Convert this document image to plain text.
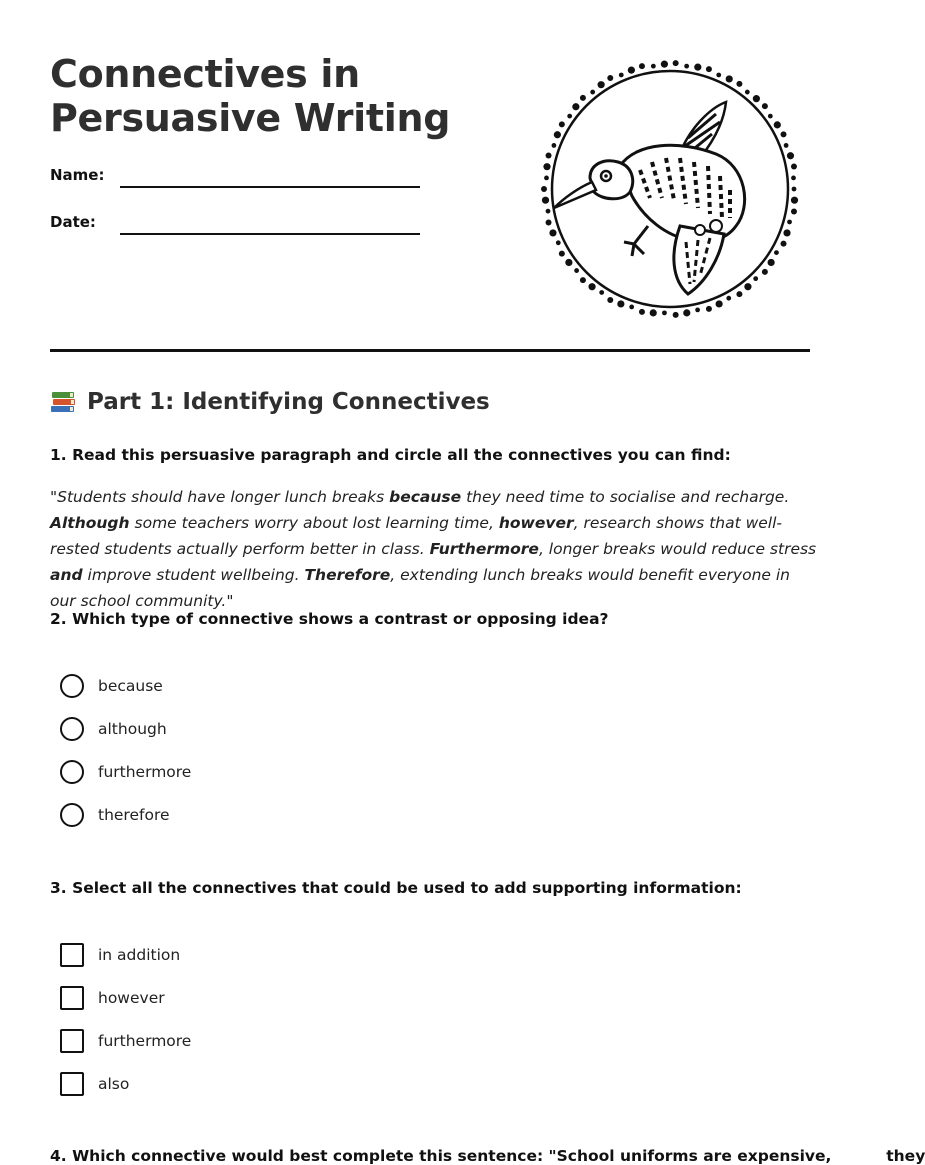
Connectives in
Persuasive Writing
Name:
Date:
Part 1: Identifying Connectives
1. Read this persuasive paragraph and circle all the connectives you can find:
"Students should have longer lunch breaks because they need time to socialise and recharge. Although some teachers worry about lost learning time, however, research shows that well-rested students actually perform better in class. Furthermore, longer breaks would reduce stress and improve student wellbeing. Therefore, extending lunch breaks would benefit everyone in our school community."
2. Which type of connective shows a contrast or opposing idea?
because
although
furthermore
therefore
3. Select all the connectives that could be used to add supporting information:
in addition
however
furthermore
also
4. Which connective would best complete this sentence: "School uniforms are expensive,	they
